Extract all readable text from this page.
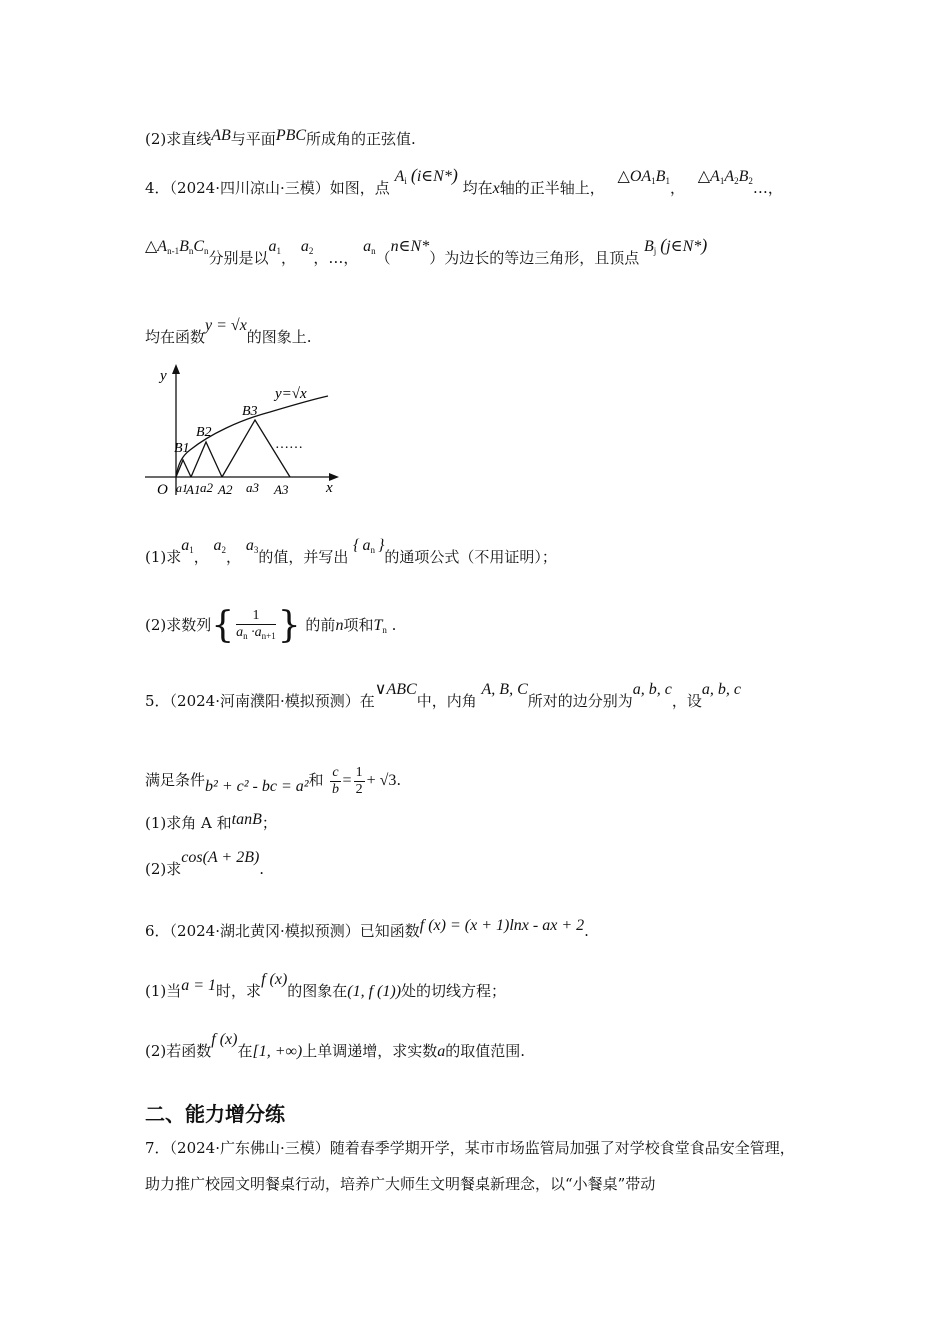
(2)求直线AB与平面PBC所成角的正弦值.
4．（2024·四川凉山·三模）如图，点 $A_i$ (i∈N*) 均在x轴的正半轴上， $\triangle OA_1B_1$， $\triangle A_1A_2B_2\dots$，
$\triangle A_{n-1}B_nC_n$分别是以$a_1$， $a_2$，…， $a_n(n\in N*)$为边长的等边三角形，且顶点 $B_j$ (j∈N*)
均在函数y = √x的图象上.
y
y=√x
B1
B2
B3
……
O a1
A1 a2 A2 a3 A3	x
(1)求$a_1$， $a_2$， $a_3$的值，并写出 { $a_n$ }的通项公式（不用证明）；
(2)求数列{ $\frac{1}{a_n \cdot a_{n+1}}$ } 的前n项和$T_n$ .
5．（2024·河南濮阳·模拟预测）在∨ABC中，内角 A, B, C所对的边分别为a, b, c，设a, b, c
满足条件b² + c² - bc = a²和 $\frac{c}{b} = \frac{1}{2} + √3$.
(1)求角 A 和tanB；
(2)求cos(A + 2B).
6．（2024·湖北黄冈·模拟预测）已知函数f (x) = (x + 1)lnx - ax + 2.
(1)当a = 1时，求f (x)的图象在(1, f (1))处的切线方程；
(2)若函数f (x)在[1, +∞)上单调递增，求实数a的取值范围.
二、能力增分练
7．（2024·广东佛山·三模）随着春季学期开学，某市市场监管局加强了对学校食堂食品安全管理，助力推广校园文明餐桌行动，培养广大师生文明餐桌新理念，以“小餐桌”带动
